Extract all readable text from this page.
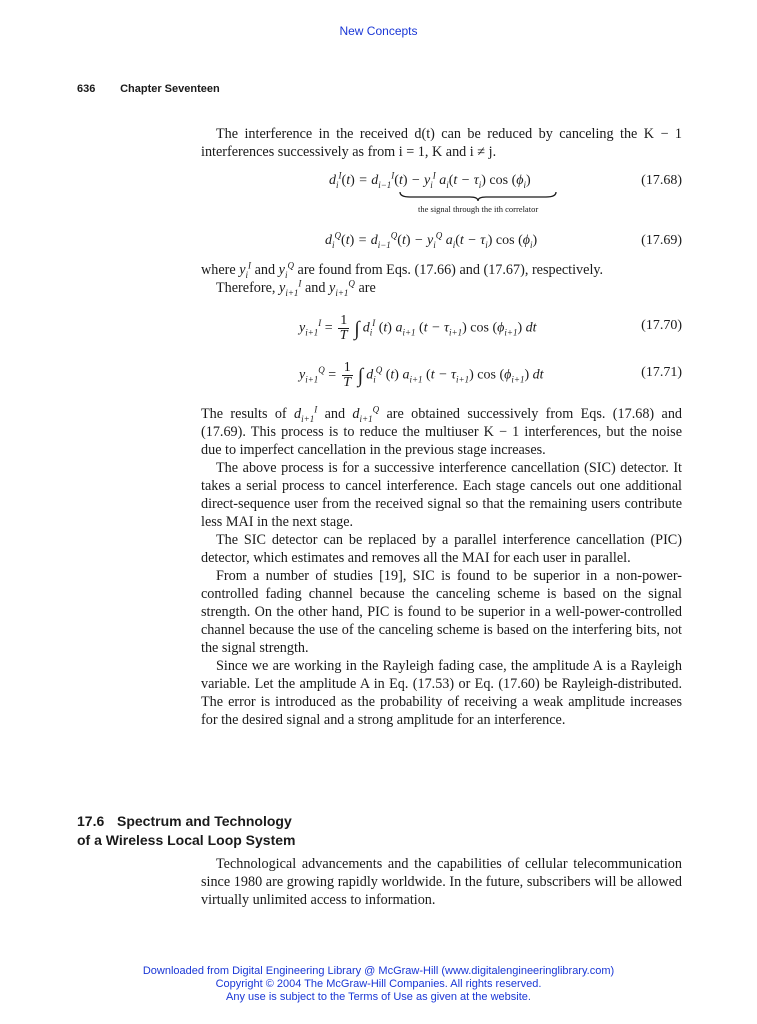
New Concepts
636 Chapter Seventeen

The interference in the received d(t) can be reduced by canceling the K − 1 interferences successively as from i = 1, K and i ≠ j.

$d_i^I(t) = d_{i-1}^I(t) - y_i^I$ $a_i(t - \tau_i)$ $\cos (\phi_i)$	(17.68)
the signal through the ith correlator
$d_i^Q(t) = d_{i-1}^Q(t) - y_i^Q$ $a_i(t - \tau_i)$ $\cos (\phi_i)$	(17.69)

where $y_i^I$ and $y_i^Q$ are found from Eqs. (17.66) and (17.67), respectively.

Therefore, $y_{i+1}^I$ and $y_{i+1}^Q$ are

$y_{i+1}^I = \frac{1}{T}$ ∫ $d_i^I$ (t) $a_{i+1}$ $(t - \tau_{i+1})$ $\cos (\phi_{i+1})$ dt	(17.70)
$y_{i+1}^Q = \frac{1}{T}$ ∫ $d_i^Q$ (t) $a_{i+1}$ $(t - \tau_{i+1})$ $\cos (\phi_{i+1})$ dt	(17.71)

The results of $d_{i+1}^I$ and $d_{i+1}^Q$ are obtained successively from Eqs. (17.68) and (17.69). This process is to reduce the multiuser K − 1 interferences, but the noise due to imperfect cancellation in the previous stage increases.

The above process is for a successive interference cancellation (SIC) detector. It takes a serial process to cancel interference. Each stage cancels out one additional direct-sequence user from the received signal so that the remaining users contribute less MAI in the next stage.

The SIC detector can be replaced by a parallel interference cancellation (PIC) detector, which estimates and removes all the MAI for each user in parallel.

From a number of studies [19], SIC is found to be superior in a non-power-controlled fading channel because the canceling scheme is based on the signal strength. On the other hand, PIC is found to be superior in a well-power-controlled channel because the use of the canceling scheme is based on the interfering bits, not the signal strength.

Since we are working in the Rayleigh fading case, the amplitude A is a Rayleigh variable. Let the amplitude A in Eq. (17.53) or Eq. (17.60) be Rayleigh-distributed. The error is introduced as the probability of receiving a weak amplitude increases for the desired signal and a strong amplitude for an interference.

17.6 Spectrum and Technology
of a Wireless Local Loop System

Technological advancements and the capabilities of cellular telecommunication since 1980 are growing rapidly worldwide. In the future, subscribers will be allowed virtually unlimited access to information.

Downloaded from Digital Engineering Library @ McGraw-Hill (www.digitalengineeringlibrary.com)
Copyright © 2004 The McGraw-Hill Companies. All rights reserved.
Any use is subject to the Terms of Use as given at the website.
